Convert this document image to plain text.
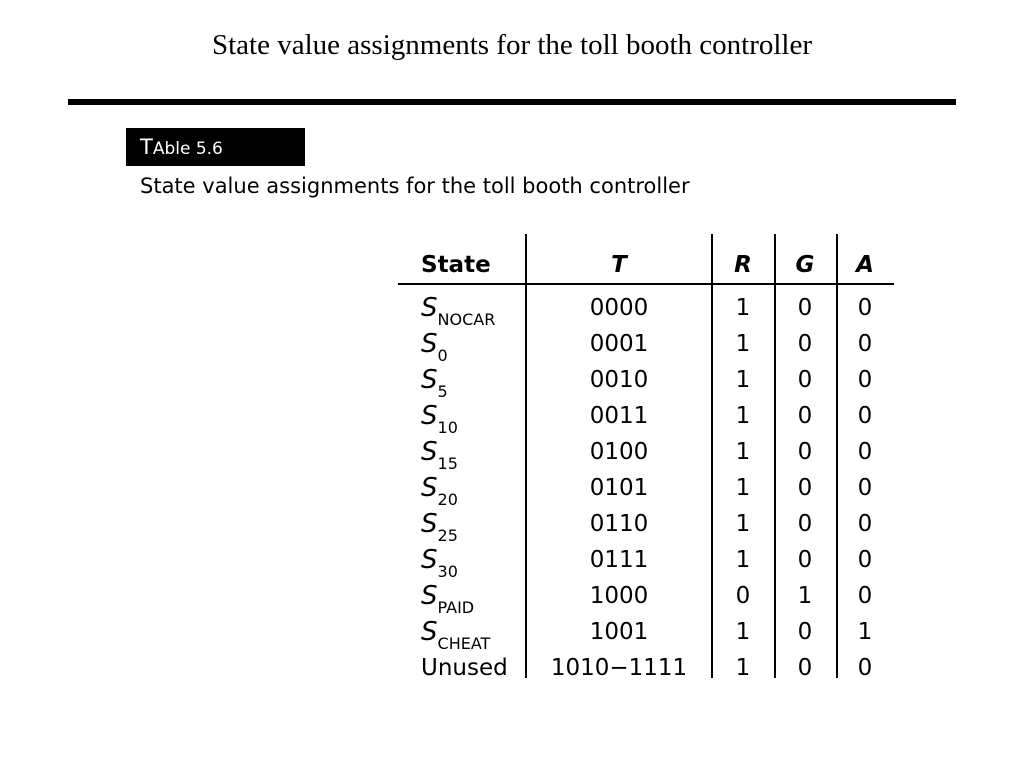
State value assignments for the toll booth controller
TAble 5.6
State value assignments for the toll booth controller
State	T	R	G	A
$S_{NOCAR}$	0000	1	0	0
$S_0$	0001	1	0	0
$S_5$	0010	1	0	0
$S_{10}$	0011	1	0	0
$S_{15}$	0100	1	0	0
$S_{20}$	0101	1	0	0
$S_{25}$	0110	1	0	0
$S_{30}$	0111	1	0	0
$S_{PAID}$	1000	0	1	0
$S_{CHEAT}$	1001	1	0	1
Unused	1010−1111	1	0	0
